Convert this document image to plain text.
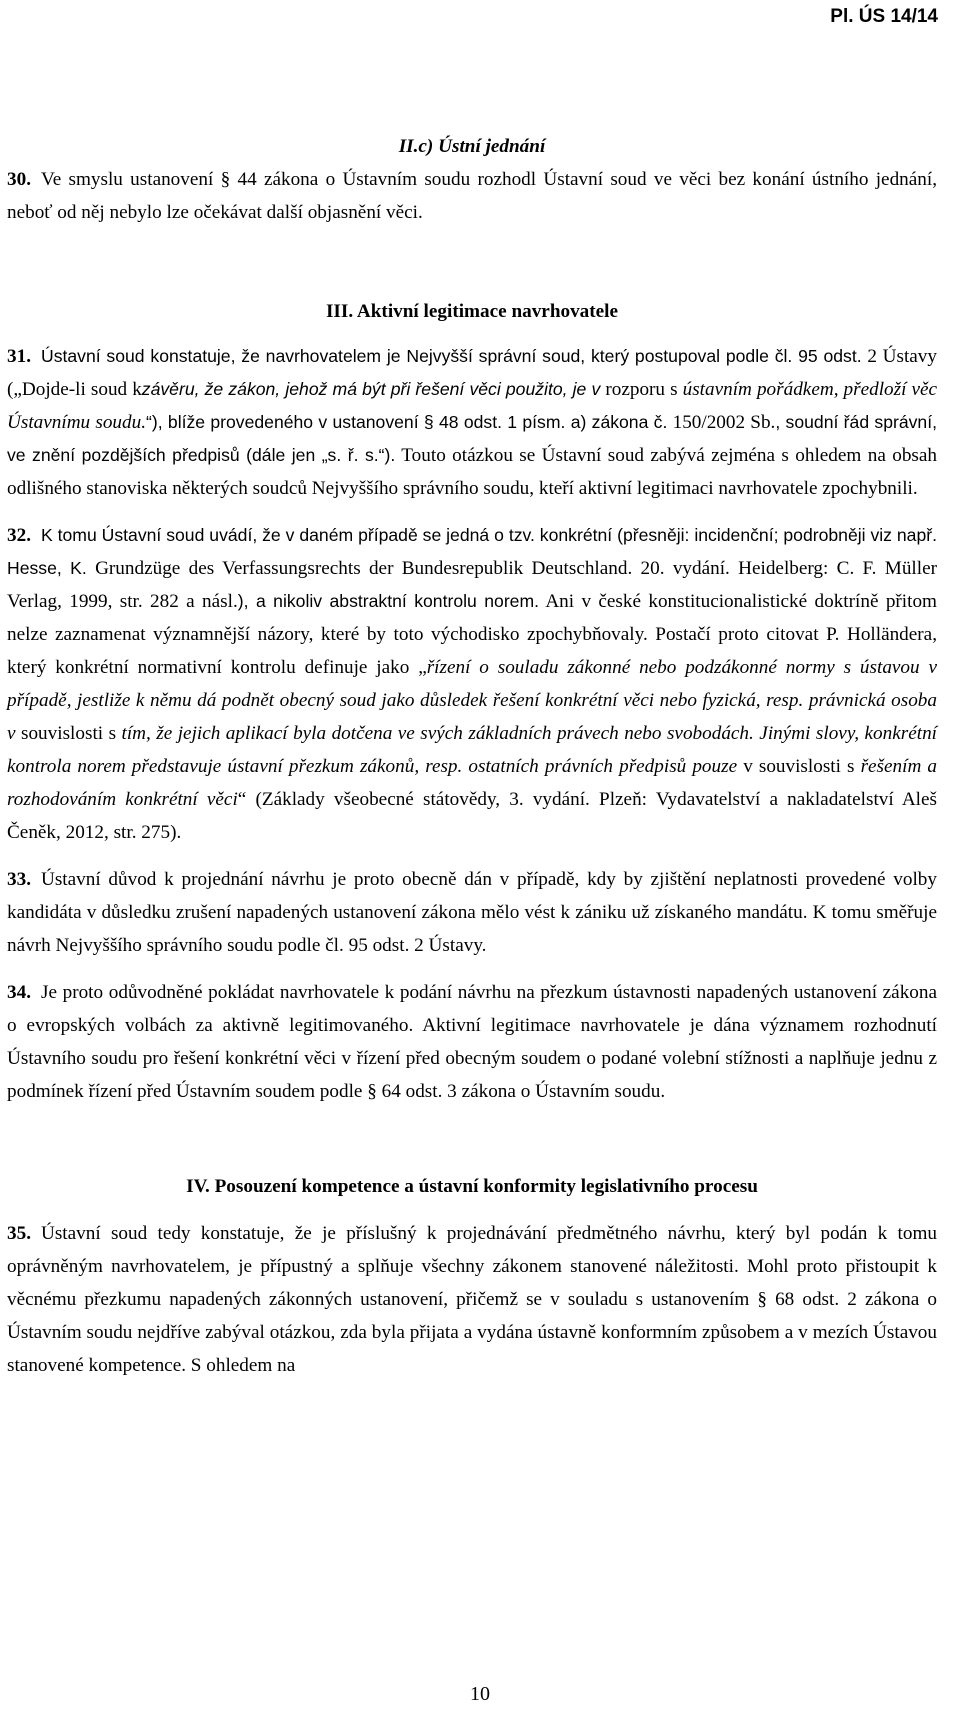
Pl. ÚS 14/14

II.c) Ústní jednání

30. Ve smyslu ustanovení § 44 zákona o Ústavním soudu rozhodl Ústavní soud ve věci bez konání ústního jednání, neboť od něj nebylo lze očekávat další objasnění věci.

III. Aktivní legitimace navrhovatele

31. Ústavní soud konstatuje, že navrhovatelem je Nejvyšší správní soud, který postupoval podle čl. 95 odst. 2 Ústavy („Dojde-li soud kzávěru, že zákon, jehož má být při řešení věci použito, je v rozporu s ústavním pořádkem, předloží věc Ústavnímu soudu.“), blíže provedeného v ustanovení § 48 odst. 1 písm. a) zákona č. 150/2002 Sb., soudní řád správní, ve znění pozdějších předpisů (dále jen „s. ř. s.“). Touto otázkou se Ústavní soud zabývá zejména s ohledem na obsah odlišného stanoviska některých soudců Nejvyššího správního soudu, kteří aktivní legitimaci navrhovatele zpochybnili.

32. K tomu Ústavní soud uvádí, že v daném případě se jedná o tzv. konkrétní (přesněji: incidenční; podrobněji viz např. Hesse, K. Grundzüge des Verfassungsrechts der Bundesrepublik Deutschland. 20. vydání. Heidelberg: C. F. Müller Verlag, 1999, str. 282 a násl.), a nikoliv abstraktní kontrolu norem. Ani v české konstitucionalistické doktríně přitom nelze zaznamenat významnější názory, které by toto východisko zpochybňovaly. Postačí proto citovat P. Holländera, který konkrétní normativní kontrolu definuje jako „řízení o souladu zákonné nebo podzákonné normy s ústavou v případě, jestliže k němu dá podnět obecný soud jako důsledek řešení konkrétní věci nebo fyzická, resp. právnická osoba v souvislosti s tím, že jejich aplikací byla dotčena ve svých základních právech nebo svobodách. Jinými slovy, konkrétní kontrola norem představuje ústavní přezkum zákonů, resp. ostatních právních předpisů pouze v souvislosti s řešením a rozhodováním konkrétní věci“ (Základy všeobecné státovědy, 3. vydání. Plzeň: Vydavatelství a nakladatelství Aleš Čeněk, 2012, str. 275).

33. Ústavní důvod k projednání návrhu je proto obecně dán v případě, kdy by zjištění neplatnosti provedené volby kandidáta v důsledku zrušení napadených ustanovení zákona mělo vést k zániku už získaného mandátu. K tomu směřuje návrh Nejvyššího správního soudu podle čl. 95 odst. 2 Ústavy.

34. Je proto odůvodněné pokládat navrhovatele k podání návrhu na přezkum ústavnosti napadených ustanovení zákona o evropských volbách za aktivně legitimovaného. Aktivní legitimace navrhovatele je dána významem rozhodnutí Ústavního soudu pro řešení konkrétní věci v řízení před obecným soudem o podané volební stížnosti a naplňuje jednu z podmínek řízení před Ústavním soudem podle § 64 odst. 3 zákona o Ústavním soudu.

IV. Posouzení kompetence a ústavní konformity legislativního procesu

35. Ústavní soud tedy konstatuje, že je příslušný k projednávání předmětného návrhu, který byl podán k tomu oprávněným navrhovatelem, je přípustný a splňuje všechny zákonem stanovené náležitosti. Mohl proto přistoupit k věcnému přezkumu napadených zákonných ustanovení, přičemž se v souladu s ustanovením § 68 odst. 2 zákona o Ústavním soudu nejdříve zabýval otázkou, zda byla přijata a vydána ústavně konformním způsobem a v mezích Ústavou stanovené kompetence. S ohledem na

10
